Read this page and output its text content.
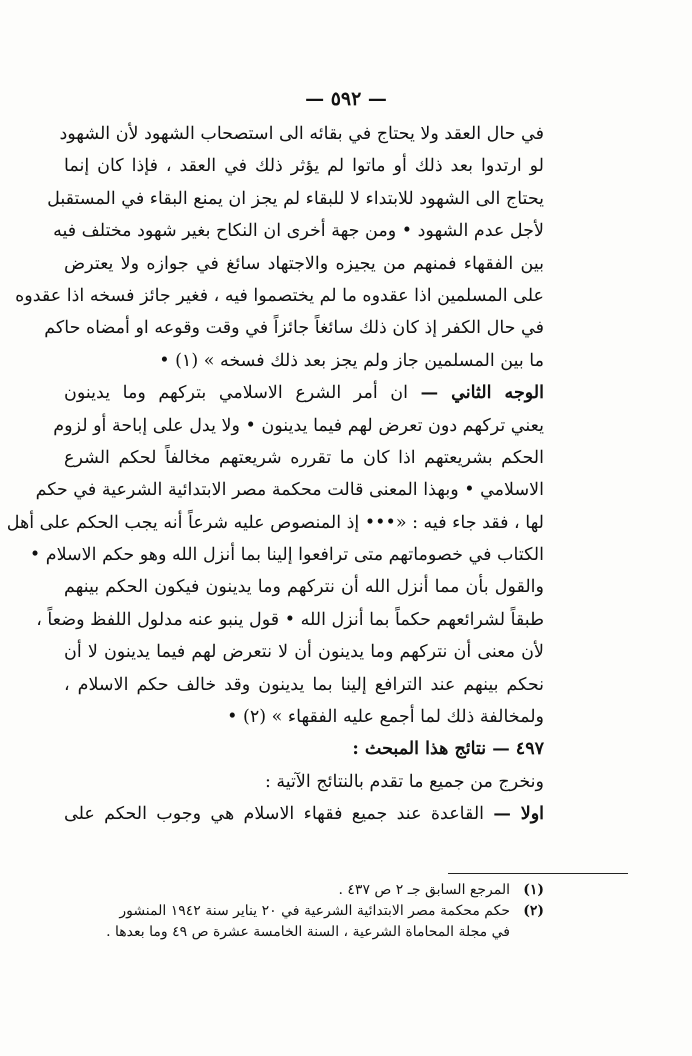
— ٥٩٢ —
في حال العقد ولا يحتاج في بقائه الى استصحاب الشهود لأن الشهود
لو ارتدوا بعد ذلك أو ماتوا لم يؤثر ذلك في العقد ، فإذا كان إنما
يحتاج الى الشهود للابتداء لا للبقاء لم يجز ان يمنع البقاء في المستقبل
لأجل عدم الشهود • ومن جهة أخرى ان النكاح بغير شهود مختلف فيه
بين الفقهاء فمنهم من يجيزه والاجتهاد سائغ في جوازه ولا يعترض
على المسلمين اذا عقدوه ما لم يختصموا فيه ، فغير جائز فسخه اذا عقدوه
في حال الكفر إذ كان ذلك سائغاً جائزاً في وقت وقوعه او أمضاه حاكم
ما بين المسلمين جاز ولم يجز بعد ذلك فسخه » (١) •
الوجه الثاني — ان أمر الشرع الاسلامي بتركهم وما يدينون
يعني تركهم دون تعرض لهم فيما يدينون • ولا يدل على إباحة أو لزوم
الحكم بشريعتهم اذا كان ما تقرره شريعتهم مخالفاً لحكم الشرع
الاسلامي • وبهذا المعنى قالت محكمة مصر الابتدائية الشرعية في حكم
لها ، فقد جاء فيه : «••• إذ المنصوص عليه شرعاً أنه يجب الحكم على أهل
الكتاب في خصوماتهم متى ترافعوا إلينا بما أنزل الله وهو حكم الاسلام •
والقول بأن مما أنزل الله أن نتركهم وما يدينون فيكون الحكم بينهم
طبقاً لشرائعهم حكماً بما أنزل الله • قول ينبو عنه مدلول اللفظ وضعاً ،
لأن معنى أن نتركهم وما يدينون أن لا نتعرض لهم فيما يدينون لا أن
نحكم بينهم عند الترافع إلينا بما يدينون وقد خالف حكم الاسلام ،
ولمخالفة ذلك لما أجمع عليه الفقهاء » (٢) •
٤٩٧ — نتائج هذا المبحث :
ونخرج من جميع ما تقدم بالنتائج الآتية :
اولا — القاعدة عند جميع فقهاء الاسلام هي وجوب الحكم على
(١)المرجع السابق جـ ٢ ص ٤٣٧ .
(٢)حكم محكمة مصر الابتدائية الشرعية في ٢٠ يناير سنة ١٩٤٢ المنشور
في مجلة المحاماة الشرعية ، السنة الخامسة عشرة ص ٤٩ وما بعدها .
